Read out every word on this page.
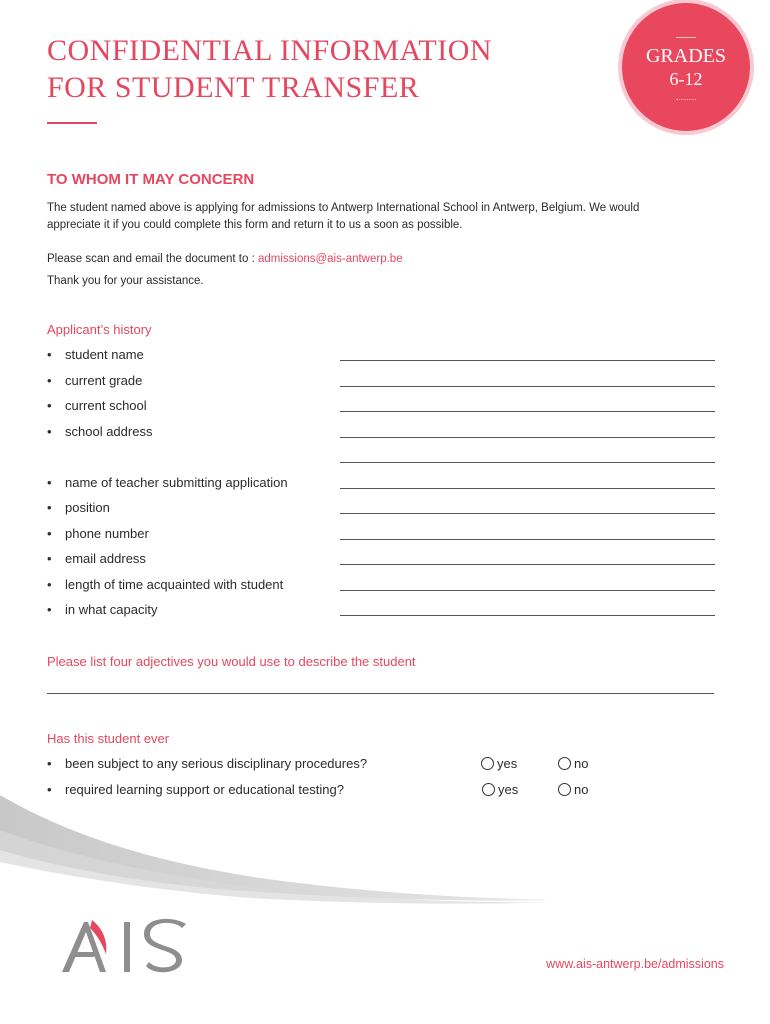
CONFIDENTIAL INFORMATION
FOR STUDENT TRANSFER
GRADES
6-12
TO WHOM IT MAY CONCERN

The student named above is applying for admissions to Antwerp International School in Antwerp, Belgium. We would
appreciate it if you could complete this form and return it to us a soon as possible.

Please scan and email the document to : admissions@ais-antwerp.be

Thank you for your assistance.

Applicant’s history

• student name
• current grade
• current school
• school address
• name of teacher submitting application
• position
• phone number
• email address
• length of time acquainted with student
• in what capacity

Please list four adjectives you would use to describe the student

Has this student ever

• been subject to any serious disciplinary procedures?	yes	no
• required learning support or educational testing?	yes	no
www.ais-antwerp.be/admissions
